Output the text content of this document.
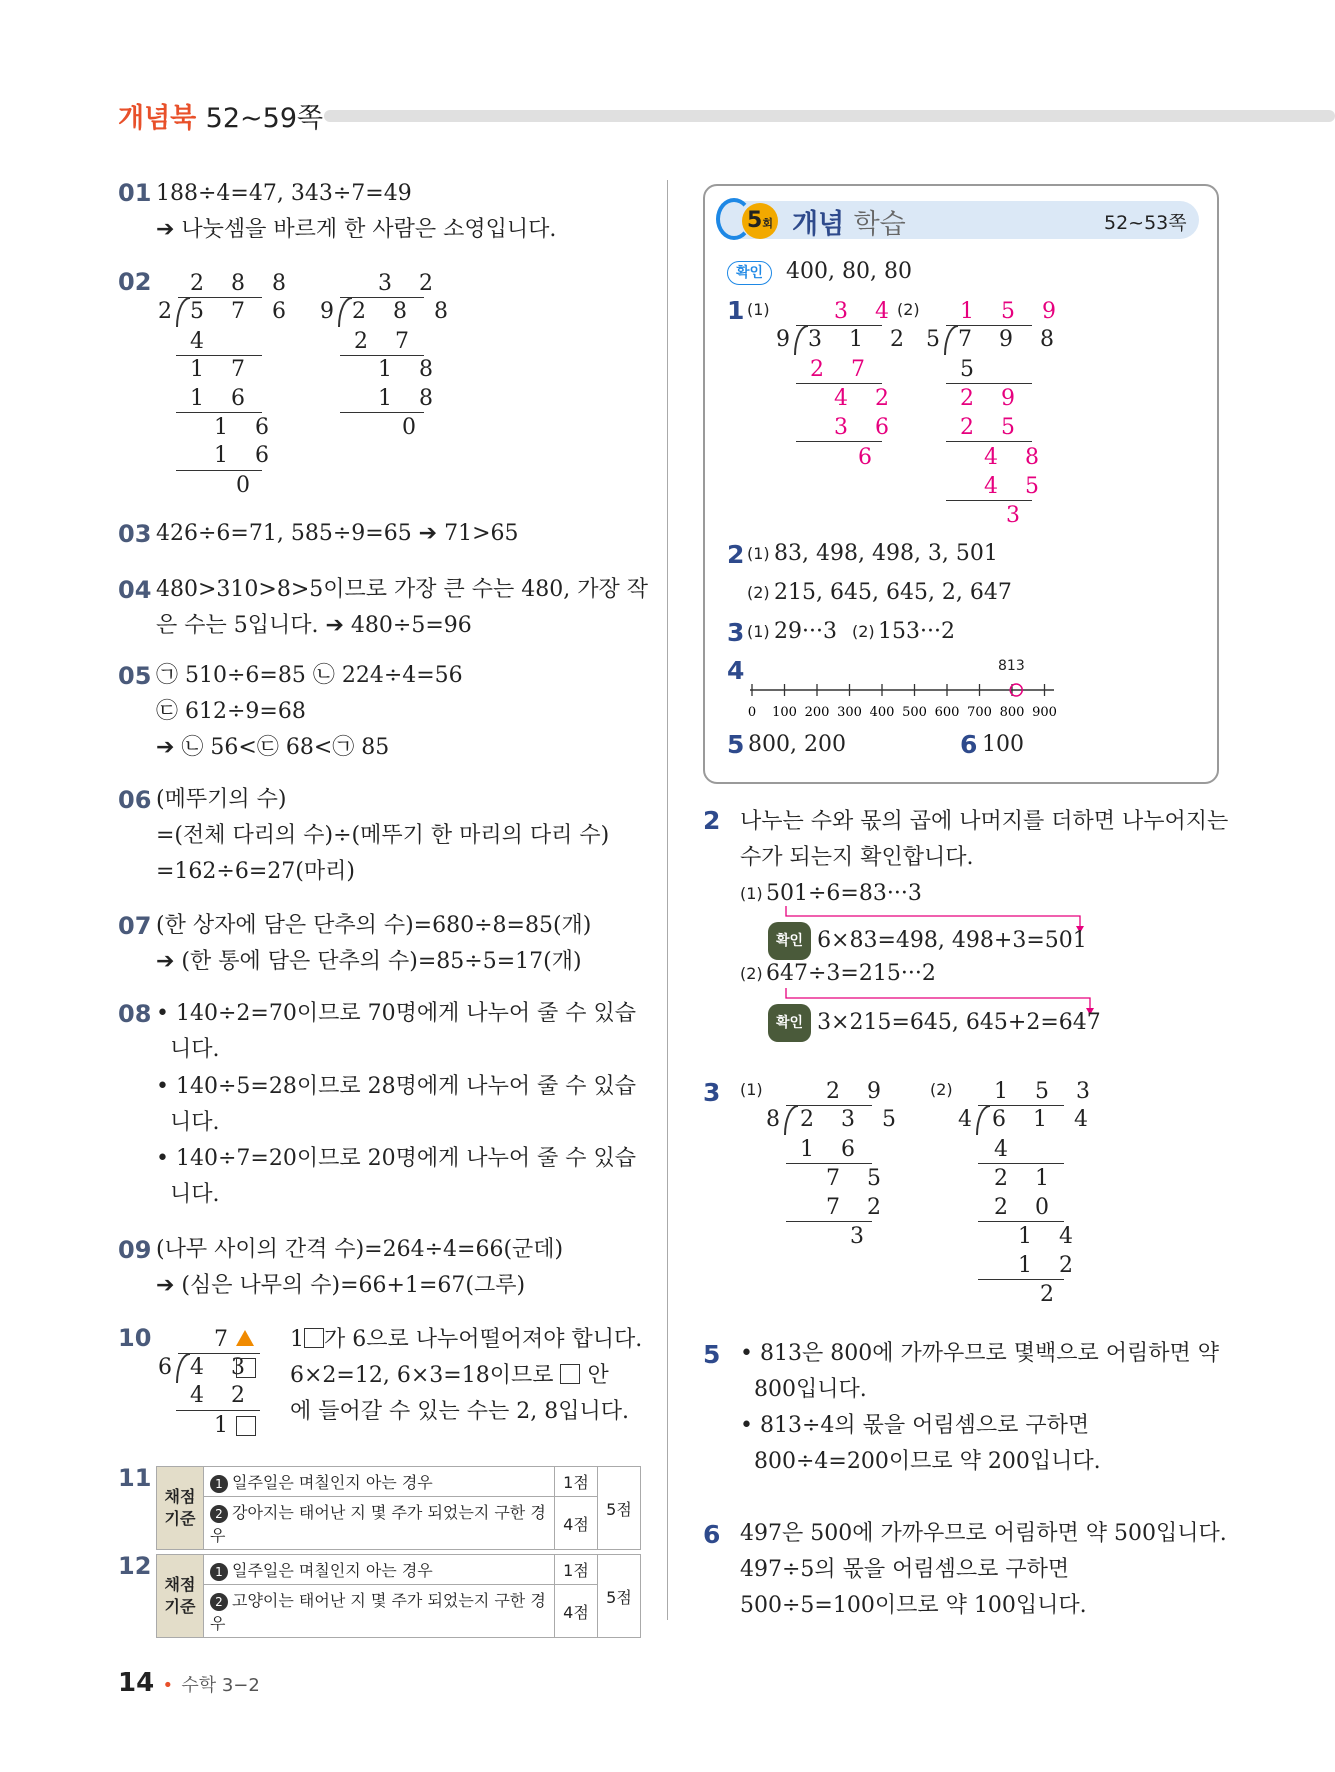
개념북 52~59쪽
01 188÷4=47, 343÷7=49
➔ 나눗셈을 바르게 한 사람은 소영입니다.
02 2 8 8
2 5 7 6
4
1 7
1 6
1 6
1 6
0
3 2
9 2 8 8
2 7
1 8
1 8
0
03 426÷6=71, 585÷9=65 ➔ 71>65
04 480>310>8>5이므로 가장 큰 수는 480, 가장 작
은 수는 5입니다. ➔ 480÷5=96
05 ㉠ 510÷6=85 ㉡ 224÷4=56
㉢ 612÷9=68
➔ ㉡ 56<㉢ 68<㉠ 85
06 (메뚜기의 수)
=(전체 다리의 수)÷(메뚜기 한 마리의 다리 수)
=162÷6=27(마리)
07 (한 상자에 담은 단추의 수)=680÷8=85(개)
➔ (한 통에 담은 단추의 수)=85÷5=17(개)
08 • 140÷2=70이므로 70명에게 나누어 줄 수 있습
니다.
• 140÷5=28이므로 28명에게 나누어 줄 수 있습
니다.
• 140÷7=20이므로 20명에게 나누어 줄 수 있습
니다.
09 (나무 사이의 간격 수)=264÷4=66(군데)
➔ (심은 나무의 수)=66+1=67(그루)
10	7
6 4 3
4 2
1
1 가 6으로 나누어떨어져야 합니다.
6×2=12, 6×3=18이므로 안
에 들어갈 수 있는 수는 2, 8입니다.
11
채점
기준	1 일주일은 며칠인지 아는 경우	1점	5점
	2 강아지는 태어난 지 몇 주가 되었는지 구한 경우	4점	
12
채점
기준	1 일주일은 며칠인지 아는 경우	1점	5점
	2 고양이는 태어난 지 몇 주가 되었는지 구한 경우	4점	
14 • 수학 3−2
5회 개념 학습	52~53쪽
확인	400, 80, 80
1 (1)	(2)
3 4
9 3 1 2
2 7
4 2
3 6
6
1 5 9
5 7 9 8
5
2 9
2 5
4 8
4 5
3
2 (1) 83, 498, 498, 3, 501
(2) 215, 645, 645, 2, 647
3 (1) 29···3 (2) 153···2
4	813
0 100 200 300 400 500 600 700 800 900
5 800, 200	6 100
2 나누는 수와 몫의 곱에 나머지를 더하면 나누어지는
수가 되는지 확인합니다.
(1) 501÷6=83···3
확인 6×83=498, 498+3=501
(2) 647÷3=215···2
확인 3×215=645, 645+2=647
3 (1)	(2)
2 9
8 2 3 5
1 6
7 5
7 2
3
1 5 3
4 6 1 4
4
2 1
2 0
1 4
1 2
2
5 • 813은 800에 가까우므로 몇백으로 어림하면 약
800입니다.
• 813÷4의 몫을 어림셈으로 구하면
800÷4=200이므로 약 200입니다.
6 497은 500에 가까우므로 어림하면 약 500입니다.
497÷5의 몫을 어림셈으로 구하면
500÷5=100이므로 약 100입니다.
